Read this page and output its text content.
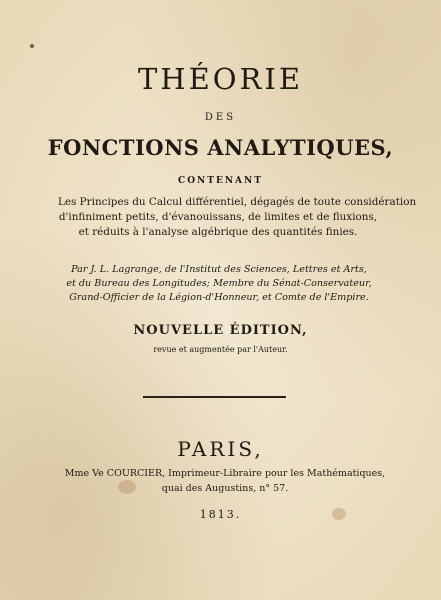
THÉORIE
DES
FONCTIONS ANALYTIQUES,
CONTENANT
Les Principes du Calcul différentiel, dégagés de toute considération
d'infiniment petits, d'évanouissans, de limites et de fluxions,
et réduits à l'analyse algébrique des quantités finies.
Par J. L. Lagrange, de l'Institut des Sciences, Lettres et Arts,
et du Bureau des Longitudes; Membre du Sénat-Conservateur,
Grand-Officier de la Légion-d'Honneur, et Comte de l'Empire.
NOUVELLE ÉDITION,
revue et augmentée par l'Auteur.
PARIS,
Mme Ve COURCIER, Imprimeur-Libraire pour les Mathématiques,
quai des Augustins, n° 57.
1813.
